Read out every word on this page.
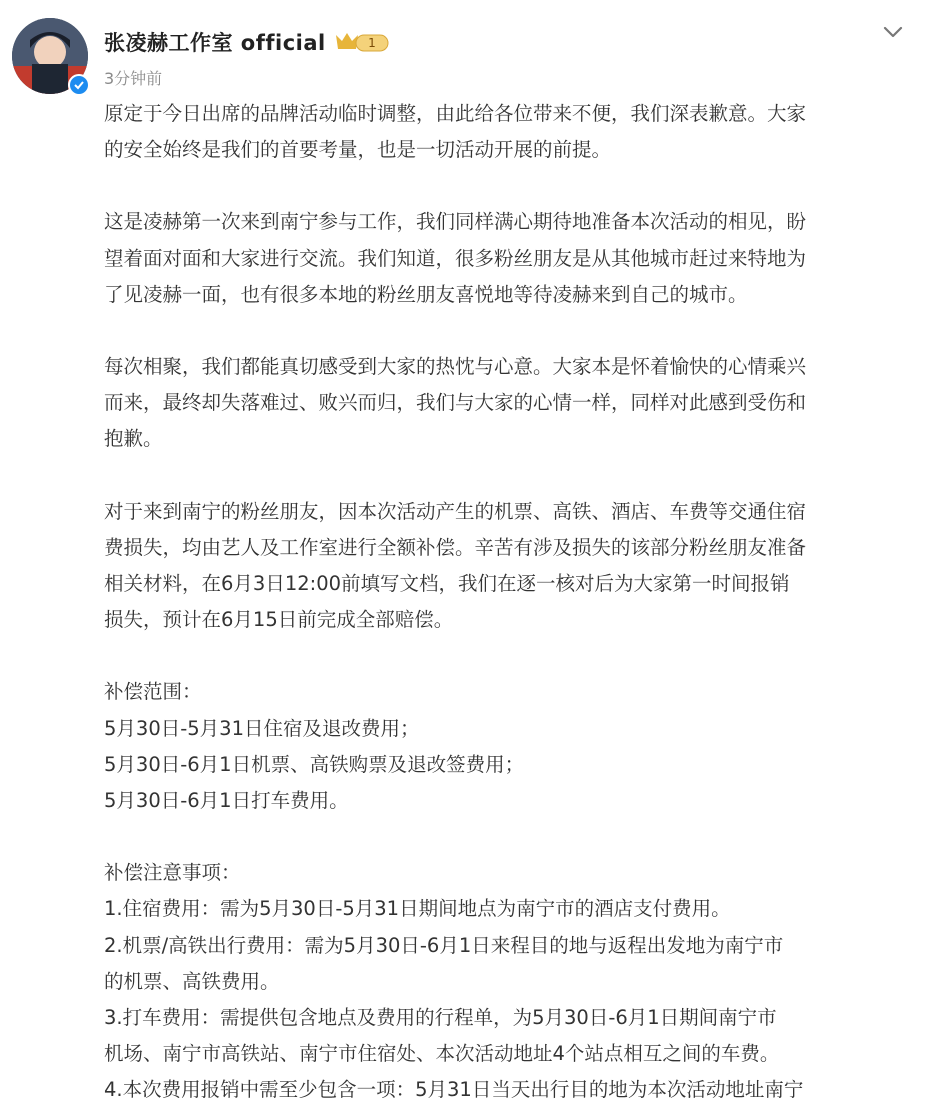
张凌赫工作室 official	1
3分钟前

原定于今日出席的品牌活动临时调整，由此给各位带来不便，我们深表歉意。大家
的安全始终是我们的首要考量，也是一切活动开展的前提。

这是凌赫第一次来到南宁参与工作，我们同样满心期待地准备本次活动的相见，盼
望着面对面和大家进行交流。我们知道，很多粉丝朋友是从其他城市赶过来特地为
了见凌赫一面，也有很多本地的粉丝朋友喜悦地等待凌赫来到自己的城市。

每次相聚，我们都能真切感受到大家的热忱与心意。大家本是怀着愉快的心情乘兴
而来，最终却失落难过、败兴而归，我们与大家的心情一样，同样对此感到受伤和
抱歉。

对于来到南宁的粉丝朋友，因本次活动产生的机票、高铁、酒店、车费等交通住宿
费损失，均由艺人及工作室进行全额补偿。辛苦有涉及损失的该部分粉丝朋友准备
相关材料，在6月3日12:00前填写文档，我们在逐一核对后为大家第一时间报销
损失，预计在6月15日前完成全部赔偿。

补偿范围：
5月30日-5月31日住宿及退改费用；
5月30日-6月1日机票、高铁购票及退改签费用；
5月30日-6月1日打车费用。

补偿注意事项：
1.住宿费用：需为5月30日-5月31日期间地点为南宁市的酒店支付费用。
2.机票/高铁出行费用：需为5月30日-6月1日来程目的地与返程出发地为南宁市
的机票、高铁费用。
3.打车费用：需提供包含地点及费用的行程单，为5月30日-6月1日期间南宁市
机场、南宁市高铁站、南宁市住宿处、本次活动地址4个站点相互之间的车费。
4.本次费用报销中需至少包含一项：5月31日当天出行目的地为本次活动地址南宁
